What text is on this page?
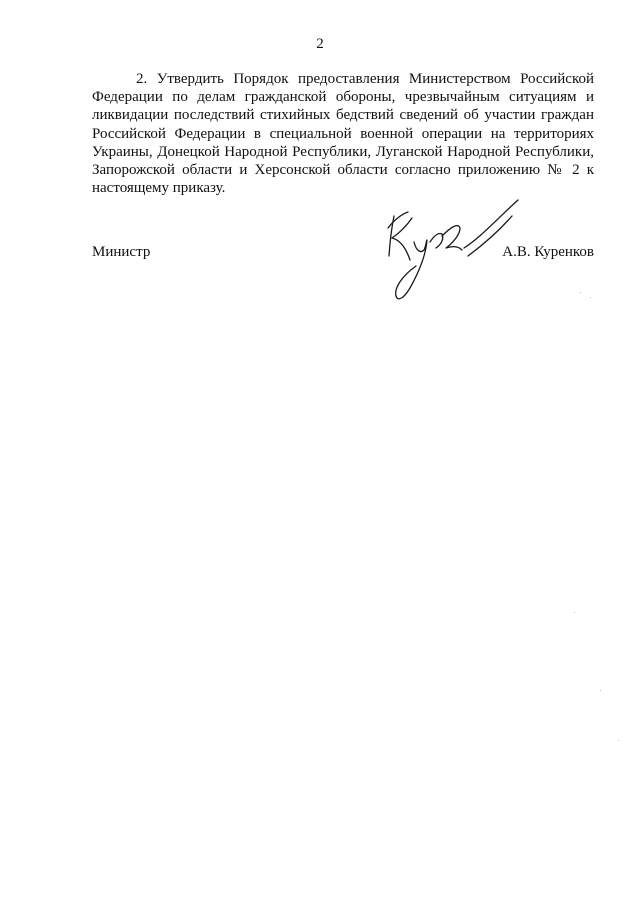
2

2. Утвердить Порядок предоставления Министерством Российской Федерации по делам гражданской обороны, чрезвычайным ситуациям и ликвидации последствий стихийных бедствий сведений об участии граждан Российской Федерации в специальной военной операции на территориях Украины, Донецкой Народной Республики, Луганской Народной Республики, Запорожской области и Херсонской области согласно приложению № 2 к настоящему приказу.

Министр	А.В. Куренков
